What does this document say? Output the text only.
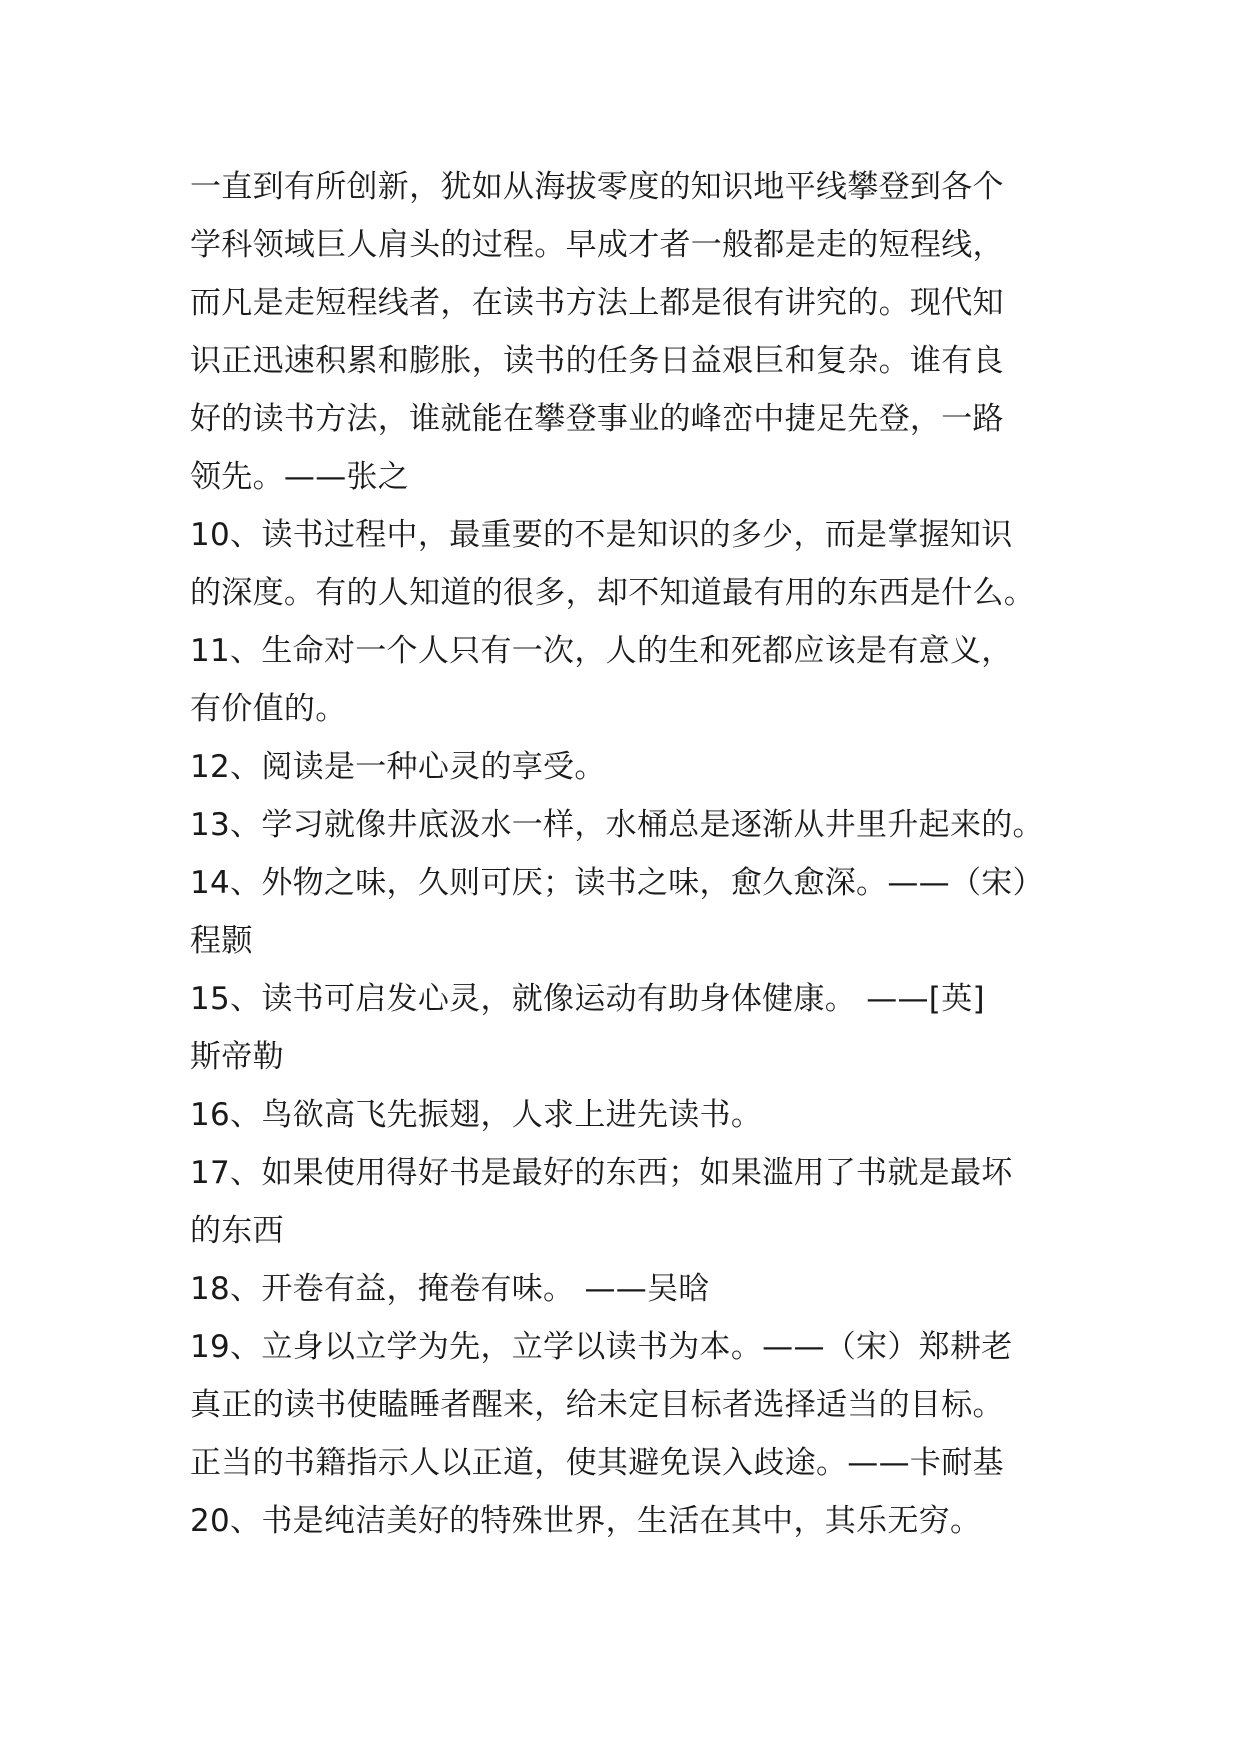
一直到有所创新，犹如从海拔零度的知识地平线攀登到各个
学科领域巨人肩头的过程。早成才者一般都是走的短程线，
而凡是走短程线者，在读书方法上都是很有讲究的。现代知
识正迅速积累和膨胀，读书的任务日益艰巨和复杂。谁有良
好的读书方法，谁就能在攀登事业的峰峦中捷足先登，一路
领先。——张之
10、读书过程中，最重要的不是知识的多少，而是掌握知识
的深度。有的人知道的很多，却不知道最有用的东西是什么。
11、生命对一个人只有一次，人的生和死都应该是有意义，
有价值的。
12、阅读是一种心灵的享受。
13、学习就像井底汲水一样，水桶总是逐渐从井里升起来的。
14、外物之味，久则可厌；读书之味，愈久愈深。——（宋）
程颢
15、读书可启发心灵，就像运动有助身体健康。 ——[英]
斯帝勒
16、鸟欲高飞先振翅，人求上进先读书。
17、如果使用得好书是最好的东西；如果滥用了书就是最坏
的东西
18、开卷有益，掩卷有味。 ——吴晗
19、立身以立学为先，立学以读书为本。——（宋）郑耕老
真正的读书使瞌睡者醒来，给未定目标者选择适当的目标。
正当的书籍指示人以正道，使其避免误入歧途。——卡耐基
20、书是纯洁美好的特殊世界，生活在其中，其乐无穷。
